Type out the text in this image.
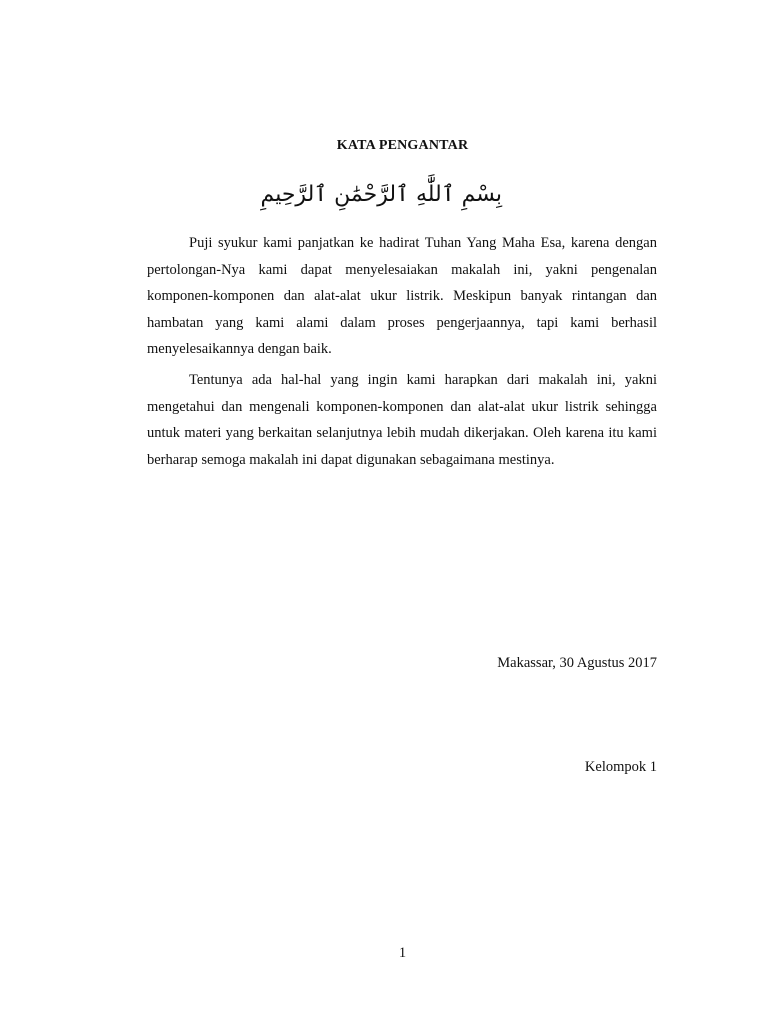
KATA PENGANTAR
بِسْمِ ٱللَّٰهِ ٱلرَّحْمَٰنِ ٱلرَّحِيمِ

Puji syukur kami panjatkan ke hadirat Tuhan Yang Maha Esa, karena dengan pertolongan-Nya kami dapat menyelesaiakan makalah ini, yakni pengenalan komponen-komponen dan alat-alat ukur listrik. Meskipun banyak rintangan dan hambatan yang kami alami dalam proses pengerjaannya, tapi kami berhasil menyelesaikannya dengan baik.

Tentunya ada hal-hal yang ingin kami harapkan dari makalah ini, yakni mengetahui dan mengenali komponen-komponen dan alat-alat ukur listrik sehingga untuk materi yang berkaitan selanjutnya lebih mudah dikerjakan. Oleh karena itu kami berharap semoga makalah ini dapat digunakan sebagaimana mestinya.

Makassar, 30 Agustus 2017
Kelompok 1
1
